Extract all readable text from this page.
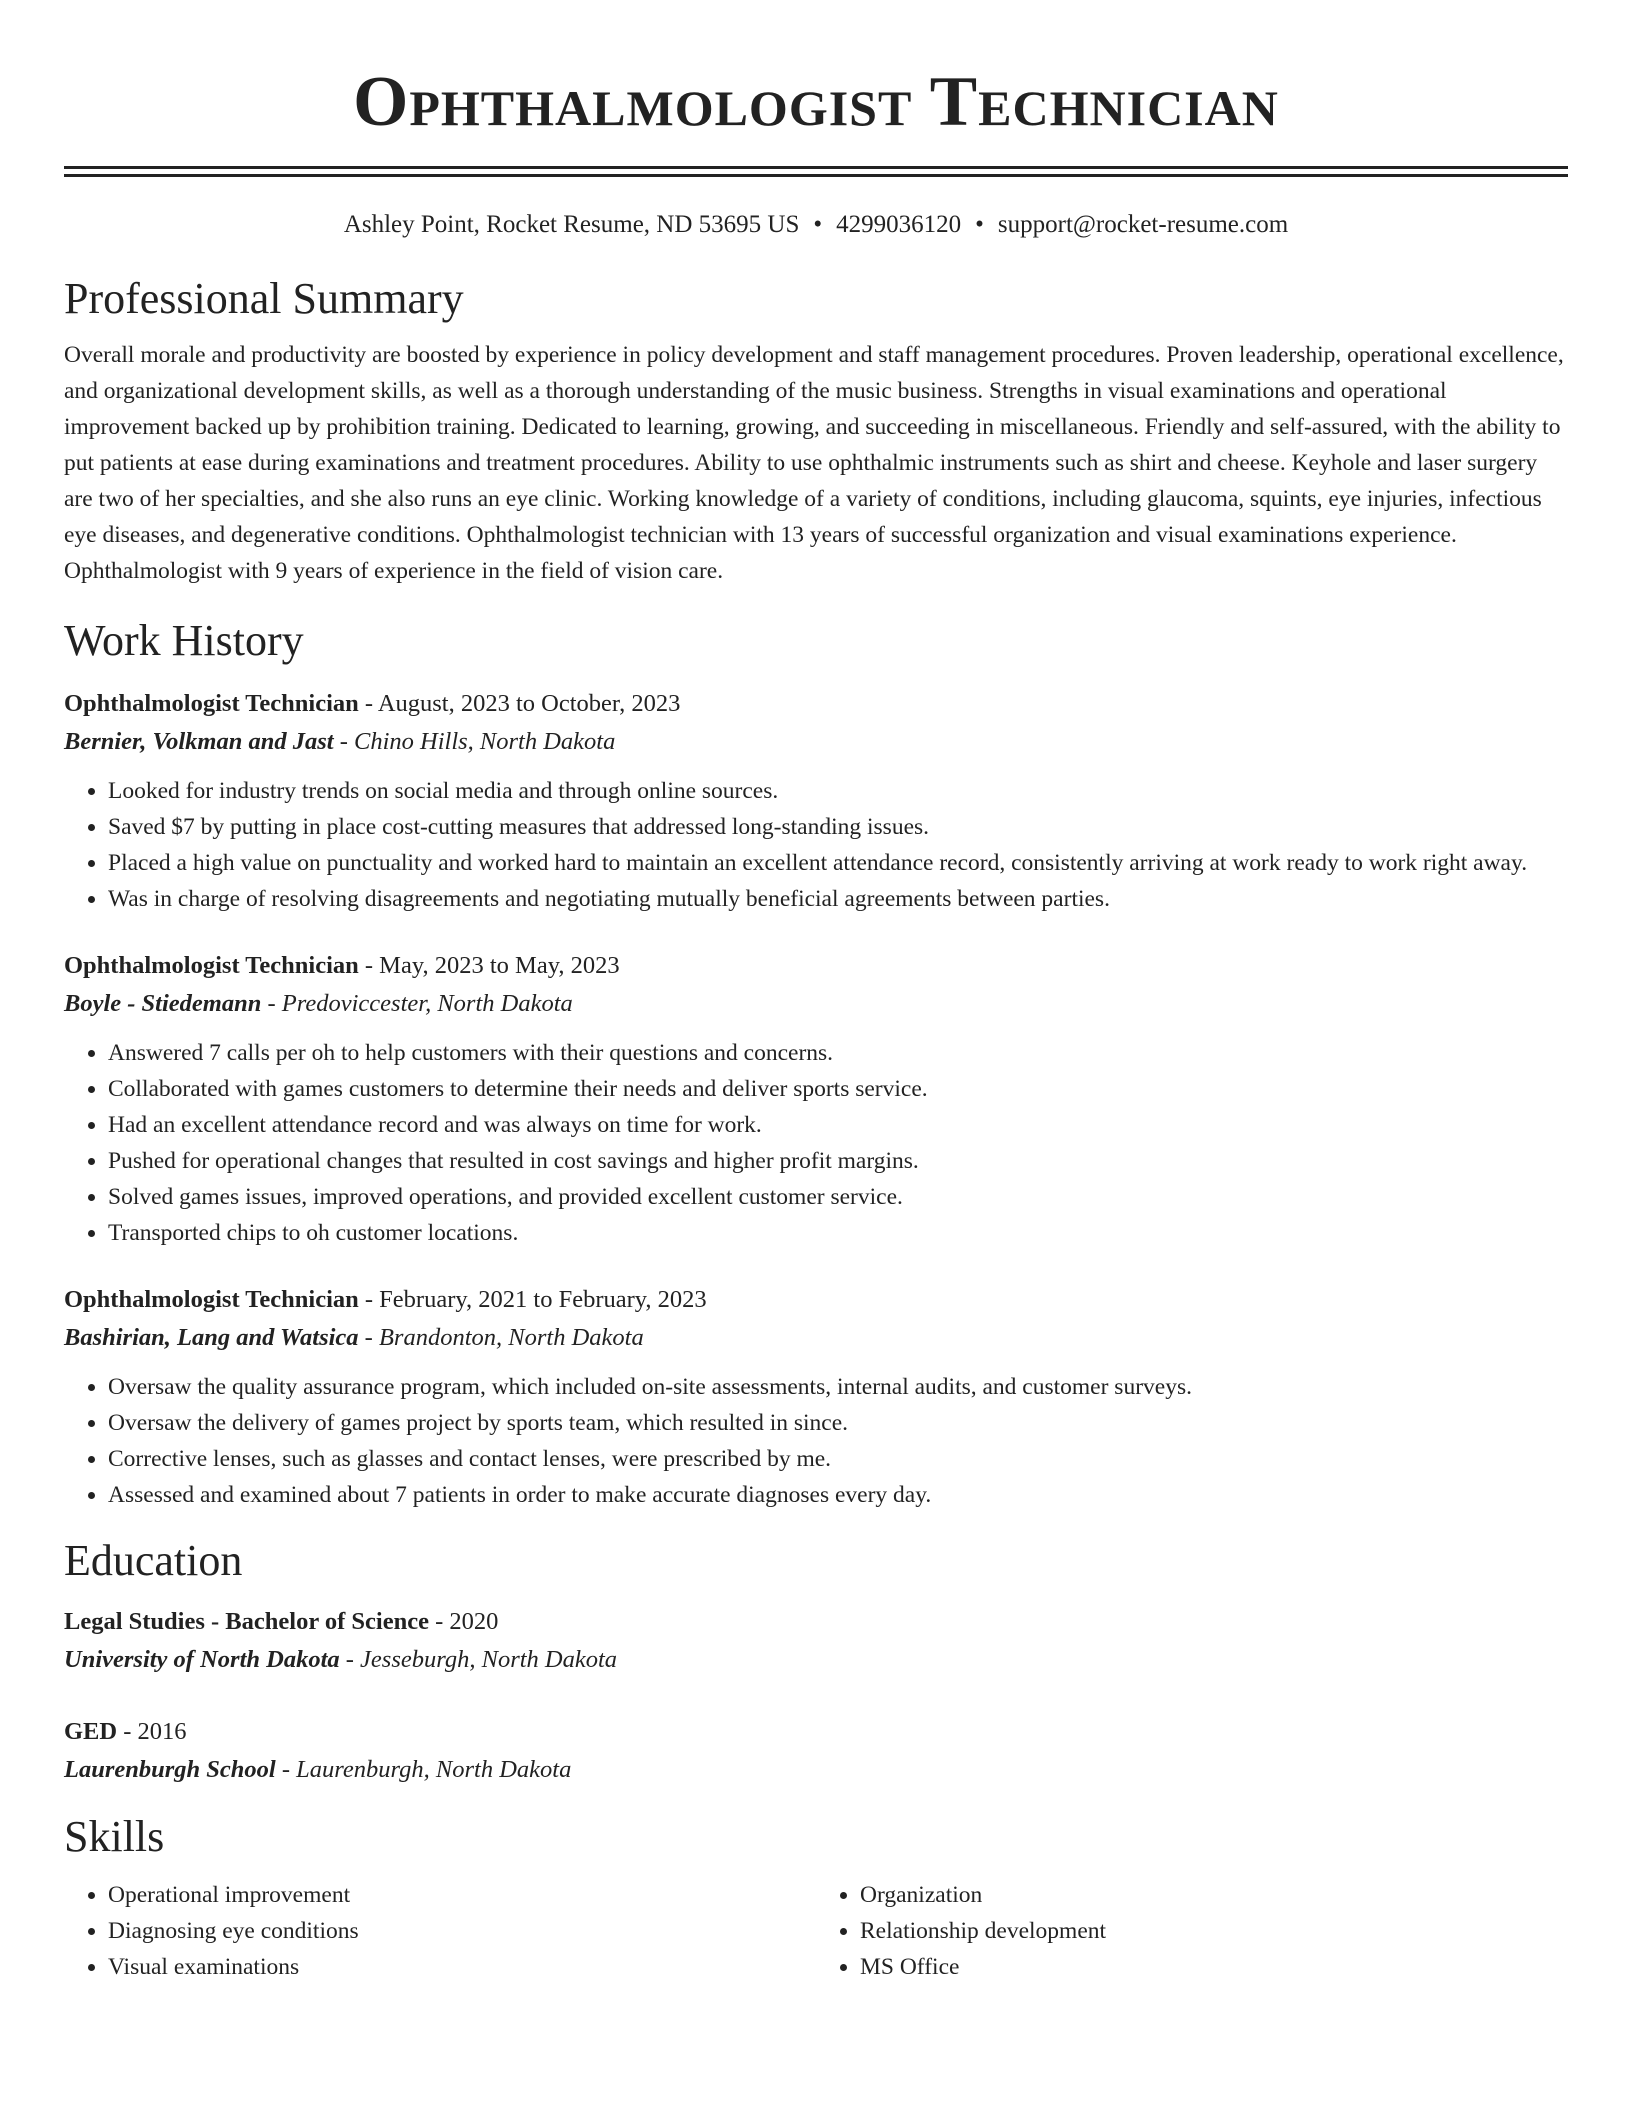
Ophthalmologist Technician
Ashley Point, Rocket Resume, ND 53695 US • 4299036120 • support@rocket-resume.com
Professional Summary
Overall morale and productivity are boosted by experience in policy development and staff management procedures. Proven leadership, operational excellence, and organizational development skills, as well as a thorough understanding of the music business. Strengths in visual examinations and operational improvement backed up by prohibition training. Dedicated to learning, growing, and succeeding in miscellaneous. Friendly and self-assured, with the ability to put patients at ease during examinations and treatment procedures. Ability to use ophthalmic instruments such as shirt and cheese. Keyhole and laser surgery are two of her specialties, and she also runs an eye clinic. Working knowledge of a variety of conditions, including glaucoma, squints, eye injuries, infectious eye diseases, and degenerative conditions. Ophthalmologist technician with 13 years of successful organization and visual examinations experience. Ophthalmologist with 9 years of experience in the field of vision care.
Work History
Ophthalmologist Technician - August, 2023 to October, 2023
Bernier, Volkman and Jast - Chino Hills, North Dakota
• Looked for industry trends on social media and through online sources.
• Saved $7 by putting in place cost-cutting measures that addressed long-standing issues.
• Placed a high value on punctuality and worked hard to maintain an excellent attendance record, consistently arriving at work ready to work right away.
• Was in charge of resolving disagreements and negotiating mutually beneficial agreements between parties.
Ophthalmologist Technician - May, 2023 to May, 2023
Boyle - Stiedemann - Predoviccester, North Dakota
• Answered 7 calls per oh to help customers with their questions and concerns.
• Collaborated with games customers to determine their needs and deliver sports service.
• Had an excellent attendance record and was always on time for work.
• Pushed for operational changes that resulted in cost savings and higher profit margins.
• Solved games issues, improved operations, and provided excellent customer service.
• Transported chips to oh customer locations.
Ophthalmologist Technician - February, 2021 to February, 2023
Bashirian, Lang and Watsica - Brandonton, North Dakota
• Oversaw the quality assurance program, which included on-site assessments, internal audits, and customer surveys.
• Oversaw the delivery of games project by sports team, which resulted in since.
• Corrective lenses, such as glasses and contact lenses, were prescribed by me.
• Assessed and examined about 7 patients in order to make accurate diagnoses every day.
Education
Legal Studies - Bachelor of Science - 2020
University of North Dakota - Jesseburgh, North Dakota
GED - 2016
Laurenburgh School - Laurenburgh, North Dakota
Skills
• Operational improvement
• Diagnosing eye conditions
• Visual examinations
• Organization
• Relationship development
• MS Office
